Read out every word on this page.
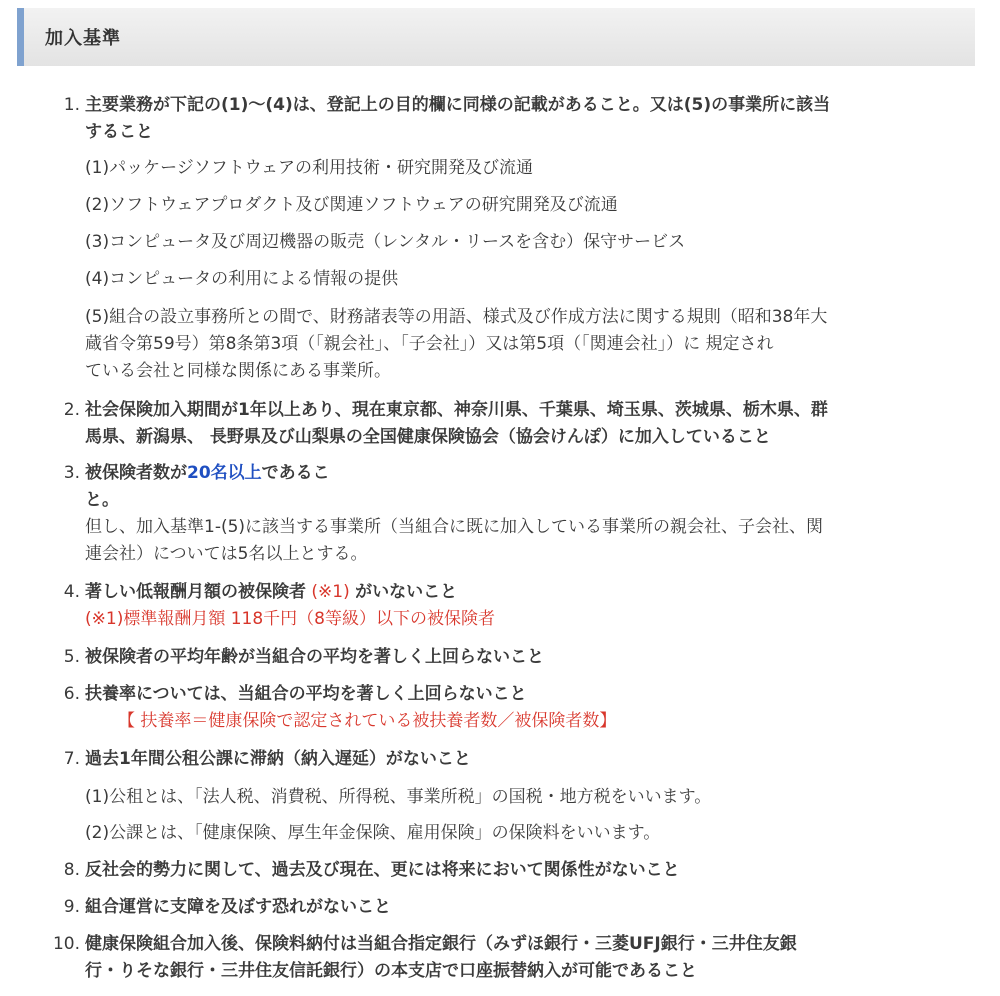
加入基準
1. 主要業務が下記の(1)〜(4)は、登記上の目的欄に同様の記載があること。又は(5)の事業所に該当
すること
(1)パッケージソフトウェアの利用技術・研究開発及び流通
(2)ソフトウェアプロダクト及び関連ソフトウェアの研究開発及び流通
(3)コンピュータ及び周辺機器の販売（レンタル・リースを含む）保守サービス
(4)コンピュータの利用による情報の提供
(5)組合の設立事務所との間で、財務諸表等の用語、様式及び作成方法に関する規則（昭和38年大
蔵省令第59号）第8条第3項（「親会社」、「子会社」）又は第5項（「関連会社」）に 規定され
ている会社と同様な関係にある事業所。
2. 社会保険加入期間が1年以上あり、現在東京都、神奈川県、千葉県、埼玉県、茨城県、栃木県、群
馬県、新潟県、 長野県及び山梨県の全国健康保険協会（協会けんぽ）に加入していること
3. 被保険者数が20名以上であるこ
と。
但し、加入基準1-(5)に該当する事業所（当組合に既に加入している事業所の親会社、子会社、関
連会社）については5名以上とする。
4. 著しい低報酬月額の被保険者 (※1) がいないこと
(※1)標準報酬月額 118千円（8等級）以下の被保険者
5. 被保険者の平均年齢が当組合の平均を著しく上回らないこと
6. 扶養率については、当組合の平均を著しく上回らないこと
【 扶養率＝健康保険で認定されている被扶養者数／被保険者数】
7. 過去1年間公租公課に滞納（納入遅延）がないこと
(1)公租とは、「法人税、消費税、所得税、事業所税」の国税・地方税をいいます。
(2)公課とは、「健康保険、厚生年金保険、雇用保険」の保険料をいいます。
8. 反社会的勢力に関して、過去及び現在、更には将来において関係性がないこと
9. 組合運営に支障を及ぼす恐れがないこと
10. 健康保険組合加入後、保険料納付は当組合指定銀行（みずほ銀行・三菱UFJ銀行・三井住友銀
行・りそな銀行・三井住友信託銀行）の本支店で口座振替納入が可能であること
